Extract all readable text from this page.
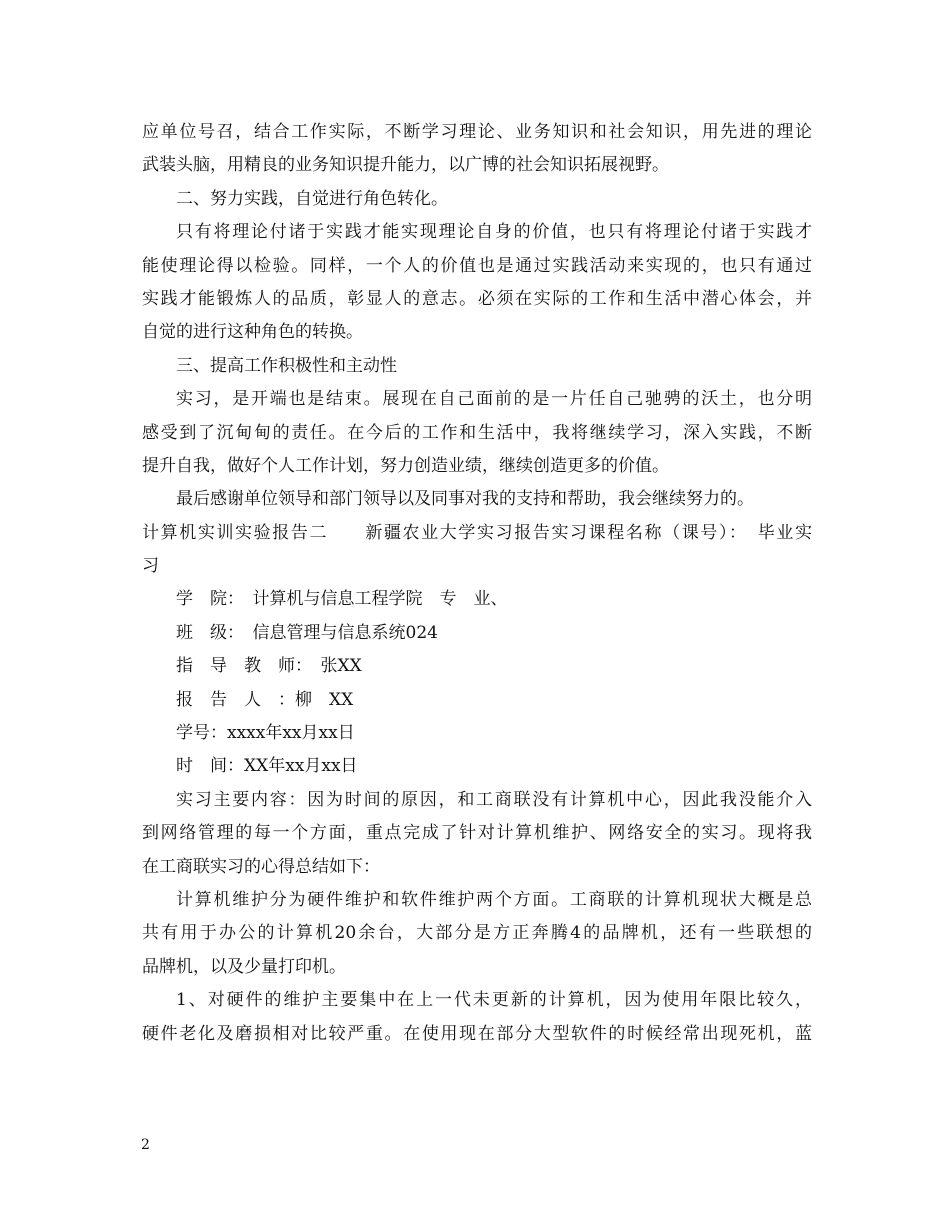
应单位号召，结合工作实际，不断学习理论、业务知识和社会知识，用先进的理论
武装头脑，用精良的业务知识提升能力，以广博的社会知识拓展视野。
二、努力实践，自觉进行角色转化。
只有将理论付诸于实践才能实现理论自身的价值，也只有将理论付诸于实践才
能使理论得以检验。同样，一个人的价值也是通过实践活动来实现的，也只有通过
实践才能锻炼人的品质，彰显人的意志。必须在实际的工作和生活中潜心体会，并
自觉的进行这种角色的转换。
三、提高工作积极性和主动性
实习，是开端也是结束。展现在自己面前的是一片任自己驰骋的沃土，也分明
感受到了沉甸甸的责任。在今后的工作和生活中，我将继续学习，深入实践，不断
提升自我，做好个人工作计划，努力创造业绩，继续创造更多的价值。
最后感谢单位领导和部门领导以及同事对我的支持和帮助，我会继续努力的。
计算机实训实验报告二　　新疆农业大学实习报告实习课程名称（课号）：　毕业实
习
学　院：　计算机与信息工程学院　专　业、
班　级：　信息管理与信息系统024
指　导　教　师：　张XX
报　告　人　：柳　XX
学号：xxxx年xx月xx日
时　间：XX年xx月xx日
实习主要内容：因为时间的原因，和工商联没有计算机中心，因此我没能介入
到网络管理的每一个方面，重点完成了针对计算机维护、网络安全的实习。现将我
在工商联实习的心得总结如下：
计算机维护分为硬件维护和软件维护两个方面。工商联的计算机现状大概是总
共有用于办公的计算机20余台，大部分是方正奔腾4的品牌机，还有一些联想的
品牌机，以及少量打印机。
1、对硬件的维护主要集中在上一代未更新的计算机，因为使用年限比较久，
硬件老化及磨损相对比较严重。在使用现在部分大型软件的时候经常出现死机，蓝
2
